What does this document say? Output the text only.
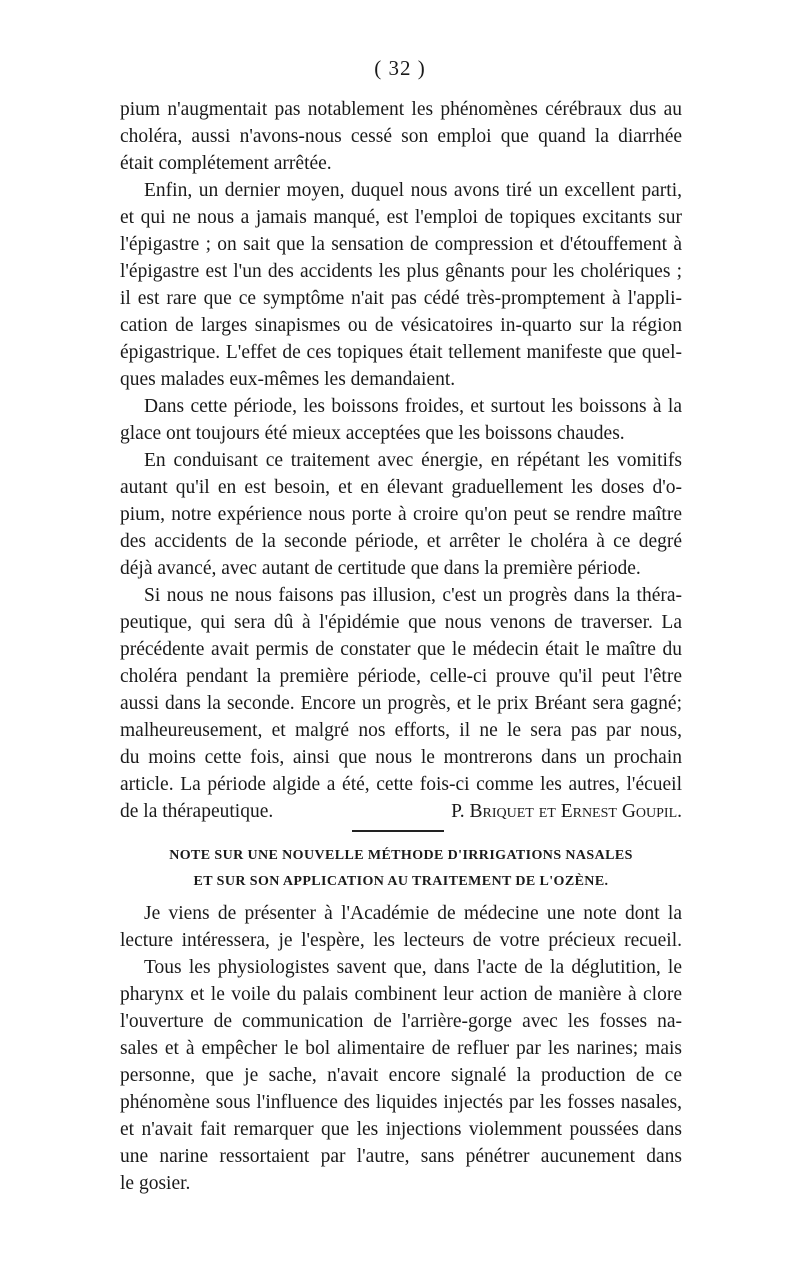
( 32 )
pium n'augmentait pas notablement les phénomènes cérébraux dus au
choléra, aussi n'avons-nous cessé son emploi que quand la diarrhée
était complétement arrêtée.
Enfin, un dernier moyen, duquel nous avons tiré un excellent parti,
et qui ne nous a jamais manqué, est l'emploi de topiques excitants sur
l'épigastre ; on sait que la sensation de compression et d'étouffement à
l'épigastre est l'un des accidents les plus gênants pour les cholériques ;
il est rare que ce symptôme n'ait pas cédé très-promptement à l'appli-
cation de larges sinapismes ou de vésicatoires in-quarto sur la région
épigastrique. L'effet de ces topiques était tellement manifeste que quel-
ques malades eux-mêmes les demandaient.
Dans cette période, les boissons froides, et surtout les boissons à la
glace ont toujours été mieux acceptées que les boissons chaudes.
En conduisant ce traitement avec énergie, en répétant les vomitifs
autant qu'il en est besoin, et en élevant graduellement les doses d'o-
pium, notre expérience nous porte à croire qu'on peut se rendre maître
des accidents de la seconde période, et arrêter le choléra à ce degré
déjà avancé, avec autant de certitude que dans la première période.
Si nous ne nous faisons pas illusion, c'est un progrès dans la théra-
peutique, qui sera dû à l'épidémie que nous venons de traverser. La
précédente avait permis de constater que le médecin était le maître du
choléra pendant la première période, celle-ci prouve qu'il peut l'être
aussi dans la seconde. Encore un progrès, et le prix Bréant sera gagné;
malheureusement, et malgré nos efforts, il ne le sera pas par nous,
du moins cette fois, ainsi que nous le montrerons dans un prochain
article. La période algide a été, cette fois-ci comme les autres, l'écueil
de la thérapeutique.	P. Briquet et Ernest Goupil.
NOTE SUR UNE NOUVELLE MÉTHODE D'IRRIGATIONS NASALES
ET SUR SON APPLICATION AU TRAITEMENT DE L'OZÈNE.
Je viens de présenter à l'Académie de médecine une note dont la
lecture intéressera, je l'espère, les lecteurs de votre précieux recueil.
Tous les physiologistes savent que, dans l'acte de la déglutition, le
pharynx et le voile du palais combinent leur action de manière à clore
l'ouverture de communication de l'arrière-gorge avec les fosses na-
sales et à empêcher le bol alimentaire de refluer par les narines; mais
personne, que je sache, n'avait encore signalé la production de ce
phénomène sous l'influence des liquides injectés par les fosses nasales,
et n'avait fait remarquer que les injections violemment poussées dans
une narine ressortaient par l'autre, sans pénétrer aucunement dans
le gosier.
